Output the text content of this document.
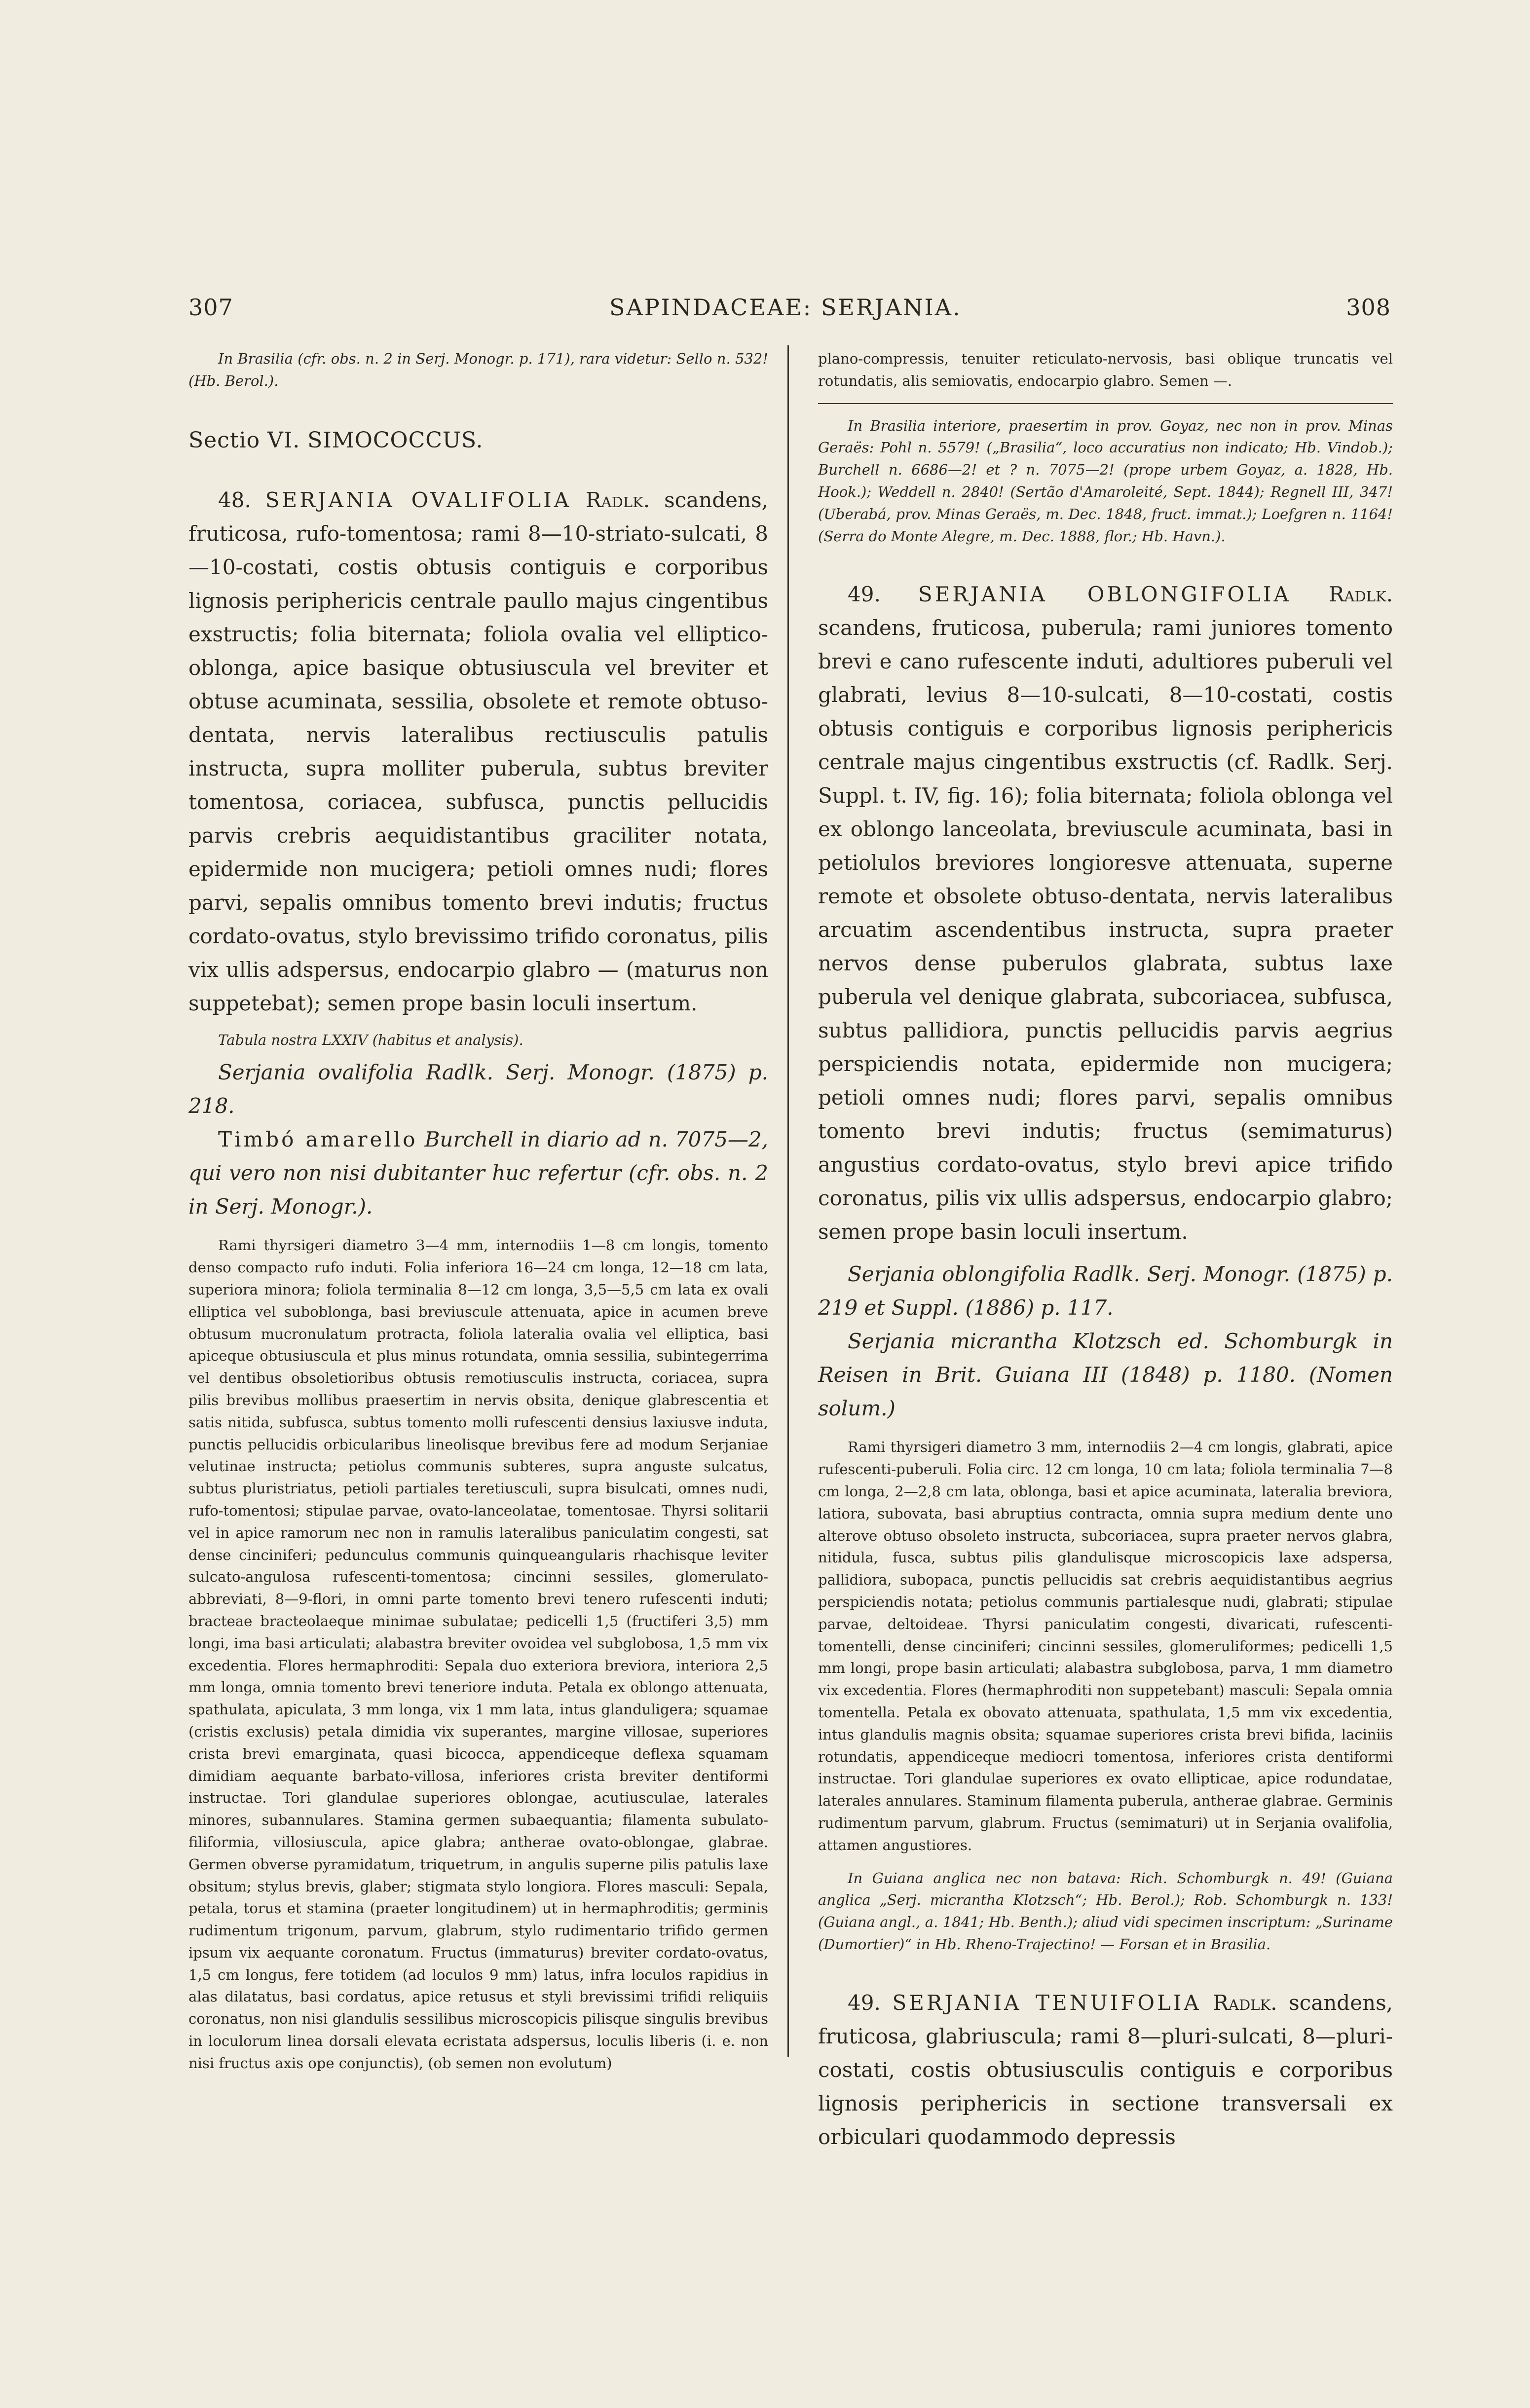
307	SAPINDACEAE: SERJANIA.	308

In Brasilia (cfr. obs. n. 2 in Serj. Monogr. p. 171), rara videtur: Sello n. 532! (Hb. Berol.).

Sectio VI. SIMOCOCCUS.

48. SERJANIA OVALIFOLIA Radlk. scandens, fruticosa, rufo-tomentosa; rami 8—10-striato-sulcati, 8—10-costati, costis obtusis contiguis e corporibus lignosis periphericis centrale paullo majus cingentibus exstructis; folia biternata; foliola ovalia vel elliptico-oblonga, apice basique obtusiuscula vel breviter et obtuse acuminata, sessilia, obsolete et remote obtuso-dentata, nervis lateralibus rectiusculis patulis instructa, supra molliter puberula, subtus breviter tomentosa, coriacea, subfusca, punctis pellucidis parvis crebris aequidistantibus graciliter notata, epidermide non mucigera; petioli omnes nudi; flores parvi, sepalis omnibus tomento brevi indutis; fructus cordato-ovatus, stylo brevissimo trifido coronatus, pilis vix ullis adspersus, endocarpio glabro — (maturus non suppetebat); semen prope basin loculi insertum.

Tabula nostra LXXIV (habitus et analysis).

Serjania ovalifolia Radlk. Serj. Monogr. (1875) p. 218.

Timbó amarello Burchell in diario ad n. 7075—2, qui vero non nisi dubitanter huc refertur (cfr. obs. n. 2 in Serj. Monogr.).

Rami thyrsigeri diametro 3—4 mm, internodiis 1—8 cm longis, tomento denso compacto rufo induti. Folia inferiora 16—24 cm longa, 12—18 cm lata, superiora minora; foliola terminalia 8—12 cm longa, 3,5—5,5 cm lata ex ovali elliptica vel suboblonga, basi breviuscule attenuata, apice in acumen breve obtusum mucronulatum protracta, foliola lateralia ovalia vel elliptica, basi apiceque obtusiuscula et plus minus rotundata, omnia sessilia, subintegerrima vel dentibus obsoletioribus obtusis remotiusculis instructa, coriacea, supra pilis brevibus mollibus praesertim in nervis obsita, denique glabrescentia et satis nitida, subfusca, subtus tomento molli rufescenti densius laxiusve induta, punctis pellucidis orbicularibus lineolisque brevibus fere ad modum Serjaniae velutinae instructa; petiolus communis subteres, supra anguste sulcatus, subtus pluristriatus, petioli partiales teretiusculi, supra bisulcati, omnes nudi, rufo-tomentosi; stipulae parvae, ovato-lanceolatae, tomentosae. Thyrsi solitarii vel in apice ramorum nec non in ramulis lateralibus paniculatim congesti, sat dense cinciniferi; pedunculus communis quinqueangularis rhachisque leviter sulcato-angulosa rufescenti-tomentosa; cincinni sessiles, glomerulato-abbreviati, 8—9-flori, in omni parte tomento brevi tenero rufescenti induti; bracteae bracteolaeque minimae subulatae; pedicelli 1,5 (fructiferi 3,5) mm longi, ima basi articulati; alabastra breviter ovoidea vel subglobosa, 1,5 mm vix excedentia. Flores hermaphroditi: Sepala duo exteriora breviora, interiora 2,5 mm longa, omnia tomento brevi teneriore induta. Petala ex oblongo attenuata, spathulata, apiculata, 3 mm longa, vix 1 mm lata, intus glanduligera; squamae (cristis exclusis) petala dimidia vix superantes, margine villosae, superiores crista brevi emarginata, quasi bicocca, appendiceque deflexa squamam dimidiam aequante barbato-villosa, inferiores crista breviter dentiformi instructae. Tori glandulae superiores oblongae, acutiusculae, laterales minores, subannulares. Stamina germen subaequantia; filamenta subulato-filiformia, villosiuscula, apice glabra; antherae ovato-oblongae, glabrae. Germen obverse pyramidatum, triquetrum, in angulis superne pilis patulis laxe obsitum; stylus brevis, glaber; stigmata stylo longiora. Flores masculi: Sepala, petala, torus et stamina (praeter longitudinem) ut in hermaphroditis; germinis rudimentum trigonum, parvum, glabrum, stylo rudimentario trifido germen ipsum vix aequante coronatum. Fructus (immaturus) breviter cordato-ovatus, 1,5 cm longus, fere totidem (ad loculos 9 mm) latus, infra loculos rapidius in alas dilatatus, basi cordatus, apice retusus et styli brevissimi trifidi reliquiis coronatus, non nisi glandulis sessilibus microscopicis pilisque singulis brevibus in loculorum linea dorsali elevata ecristata adspersus, loculis liberis (i. e. non nisi fructus axis ope conjunctis), (ob semen non evolutum)

plano-compressis, tenuiter reticulato-nervosis, basi oblique truncatis vel rotundatis, alis semiovatis, endocarpio glabro. Semen —.

In Brasilia interiore, praesertim in prov. Goyaz, nec non in prov. Minas Geraës: Pohl n. 5579! („Brasilia“, loco accuratius non indicato; Hb. Vindob.); Burchell n. 6686—2! et ? n. 7075—2! (prope urbem Goyaz, a. 1828, Hb. Hook.); Weddell n. 2840! (Sertão d'Amaroleité, Sept. 1844); Regnell III, 347! (Uberabá, prov. Minas Geraës, m. Dec. 1848, fruct. immat.); Loefgren n. 1164! (Serra do Monte Alegre, m. Dec. 1888, flor.; Hb. Havn.).

49. SERJANIA OBLONGIFOLIA Radlk. scandens, fruticosa, puberula; rami juniores tomento brevi e cano rufescente induti, adultiores puberuli vel glabrati, levius 8—10-sulcati, 8—10-costati, costis obtusis contiguis e corporibus lignosis periphericis centrale majus cingentibus exstructis (cf. Radlk. Serj. Suppl. t. IV, fig. 16); folia biternata; foliola oblonga vel ex oblongo lanceolata, breviuscule acuminata, basi in petiolulos breviores longioresve attenuata, superne remote et obsolete obtuso-dentata, nervis lateralibus arcuatim ascendentibus instructa, supra praeter nervos dense puberulos glabrata, subtus laxe puberula vel denique glabrata, subcoriacea, subfusca, subtus pallidiora, punctis pellucidis parvis aegrius perspiciendis notata, epidermide non mucigera; petioli omnes nudi; flores parvi, sepalis omnibus tomento brevi indutis; fructus (semimaturus) angustius cordato-ovatus, stylo brevi apice trifido coronatus, pilis vix ullis adspersus, endocarpio glabro; semen prope basin loculi insertum.

Serjania oblongifolia Radlk. Serj. Monogr. (1875) p. 219 et Suppl. (1886) p. 117.

Serjania micrantha Klotzsch ed. Schomburgk in Reisen in Brit. Guiana III (1848) p. 1180. (Nomen solum.)

Rami thyrsigeri diametro 3 mm, internodiis 2—4 cm longis, glabrati, apice rufescenti-puberuli. Folia circ. 12 cm longa, 10 cm lata; foliola terminalia 7—8 cm longa, 2—2,8 cm lata, oblonga, basi et apice acuminata, lateralia breviora, latiora, subovata, basi abruptius contracta, omnia supra medium dente uno alterove obtuso obsoleto instructa, subcoriacea, supra praeter nervos glabra, nitidula, fusca, subtus pilis glandulisque microscopicis laxe adspersa, pallidiora, subopaca, punctis pellucidis sat crebris aequidistantibus aegrius perspiciendis notata; petiolus communis partialesque nudi, glabrati; stipulae parvae, deltoideae. Thyrsi paniculatim congesti, divaricati, rufescenti-tomentelli, dense cinciniferi; cincinni sessiles, glomeruliformes; pedicelli 1,5 mm longi, prope basin articulati; alabastra subglobosa, parva, 1 mm diametro vix excedentia. Flores (hermaphroditi non suppetebant) masculi: Sepala omnia tomentella. Petala ex obovato attenuata, spathulata, 1,5 mm vix excedentia, intus glandulis magnis obsita; squamae superiores crista brevi bifida, laciniis rotundatis, appendiceque mediocri tomentosa, inferiores crista dentiformi instructae. Tori glandulae superiores ex ovato ellipticae, apice rodundatae, laterales annulares. Staminum filamenta puberula, antherae glabrae. Germinis rudimentum parvum, glabrum. Fructus (semimaturi) ut in Serjania ovalifolia, attamen angustiores.

In Guiana anglica nec non batava: Rich. Schomburgk n. 49! (Guiana anglica „Serj. micrantha Klotzsch“; Hb. Berol.); Rob. Schomburgk n. 133! (Guiana angl., a. 1841; Hb. Benth.); aliud vidi specimen inscriptum: „Suriname (Dumortier)“ in Hb. Rheno-Trajectino! — Forsan et in Brasilia.

49. SERJANIA TENUIFOLIA Radlk. scandens, fruticosa, glabriuscula; rami 8—pluri-sulcati, 8—pluri-costati, costis obtusiusculis contiguis e corporibus lignosis periphericis in sectione transversali ex orbiculari quodammodo depressis
